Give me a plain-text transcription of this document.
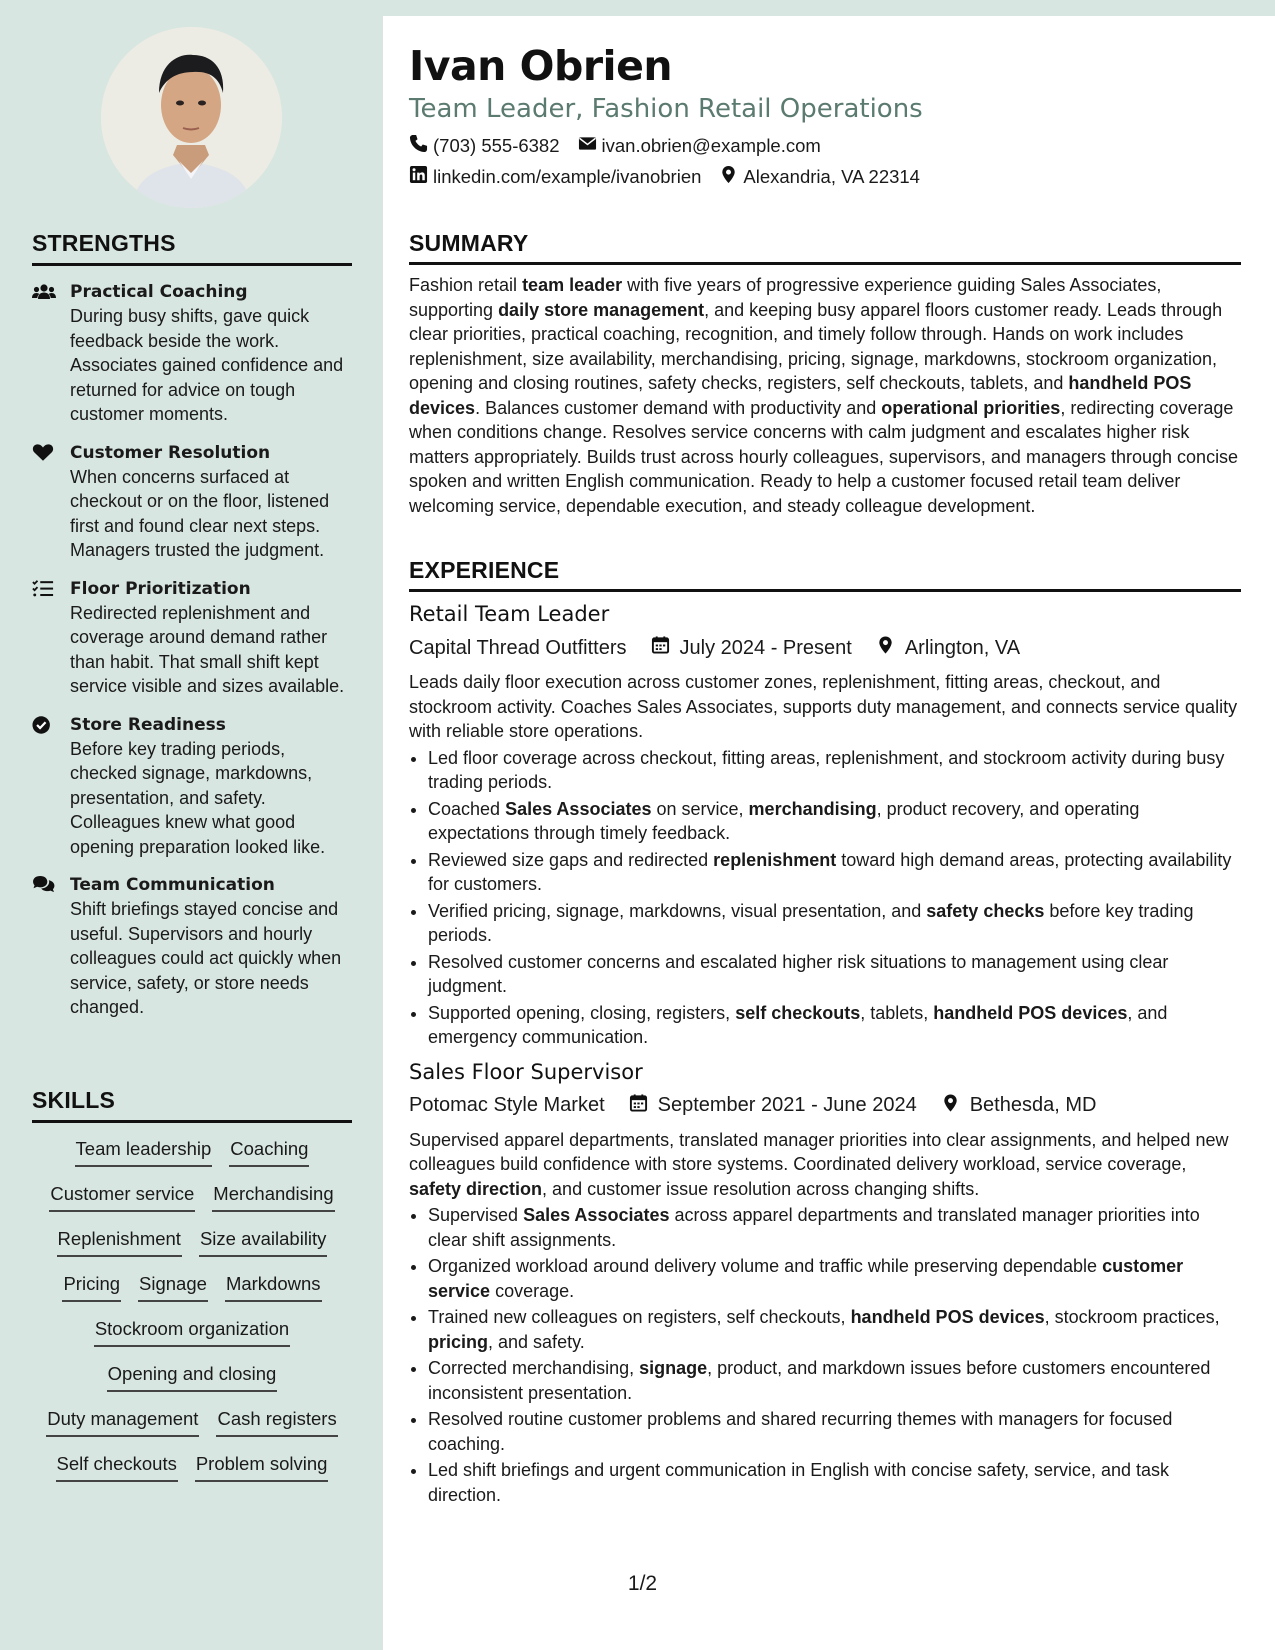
STRENGTHS
Practical Coaching
During busy shifts, gave quick feedback beside the work. Associates gained confidence and returned for advice on tough customer moments.
Customer Resolution
When concerns surfaced at checkout or on the floor, listened first and found clear next steps. Managers trusted the judgment.
Floor Prioritization
Redirected replenishment and coverage around demand rather than habit. That small shift kept service visible and sizes available.
Store Readiness
Before key trading periods, checked signage, markdowns, presentation, and safety. Colleagues knew what good opening preparation looked like.
Team Communication
Shift briefings stayed concise and useful. Supervisors and hourly colleagues could act quickly when service, safety, or store needs changed.
SKILLS
Team leadership Coaching
Customer service Merchandising
Replenishment Size availability
Pricing Signage Markdowns
Stockroom organization
Opening and closing
Duty management Cash registers
Self checkouts Problem solving
Ivan Obrien
Team Leader, Fashion Retail Operations
(703) 555-6382 ivan.obrien@example.com
linkedin.com/example/ivanobrien Alexandria, VA 22314
SUMMARY
Fashion retail team leader with five years of progressive experience guiding Sales Associates, supporting daily store management, and keeping busy apparel floors customer ready. Leads through clear priorities, practical coaching, recognition, and timely follow through. Hands on work includes replenishment, size availability, merchandising, pricing, signage, markdowns, stockroom organization, opening and closing routines, safety checks, registers, self checkouts, tablets, and handheld POS devices. Balances customer demand with productivity and operational priorities, redirecting coverage when conditions change. Resolves service concerns with calm judgment and escalates higher risk matters appropriately. Builds trust across hourly colleagues, supervisors, and managers through concise spoken and written English communication. Ready to help a customer focused retail team deliver welcoming service, dependable execution, and steady colleague development.
EXPERIENCE
Retail Team Leader
Capital Thread Outfitters	July 2024 - Present	Arlington, VA
Leads daily floor execution across customer zones, replenishment, fitting areas, checkout, and stockroom activity. Coaches Sales Associates, supports duty management, and connects service quality with reliable store operations.
• Led floor coverage across checkout, fitting areas, replenishment, and stockroom activity during busy trading periods.
• Coached Sales Associates on service, merchandising, product recovery, and operating expectations through timely feedback.
• Reviewed size gaps and redirected replenishment toward high demand areas, protecting availability for customers.
• Verified pricing, signage, markdowns, visual presentation, and safety checks before key trading periods.
• Resolved customer concerns and escalated higher risk situations to management using clear judgment.
• Supported opening, closing, registers, self checkouts, tablets, handheld POS devices, and emergency communication.
Sales Floor Supervisor
Potomac Style Market	September 2021 - June 2024	Bethesda, MD
Supervised apparel departments, translated manager priorities into clear assignments, and helped new colleagues build confidence with store systems. Coordinated delivery workload, service coverage, safety direction, and customer issue resolution across changing shifts.
• Supervised Sales Associates across apparel departments and translated manager priorities into clear shift assignments.
• Organized workload around delivery volume and traffic while preserving dependable customer service coverage.
• Trained new colleagues on registers, self checkouts, handheld POS devices, stockroom practices, pricing, and safety.
• Corrected merchandising, signage, product, and markdown issues before customers encountered inconsistent presentation.
• Resolved routine customer problems and shared recurring themes with managers for focused coaching.
• Led shift briefings and urgent communication in English with concise safety, service, and task direction.
1/2
